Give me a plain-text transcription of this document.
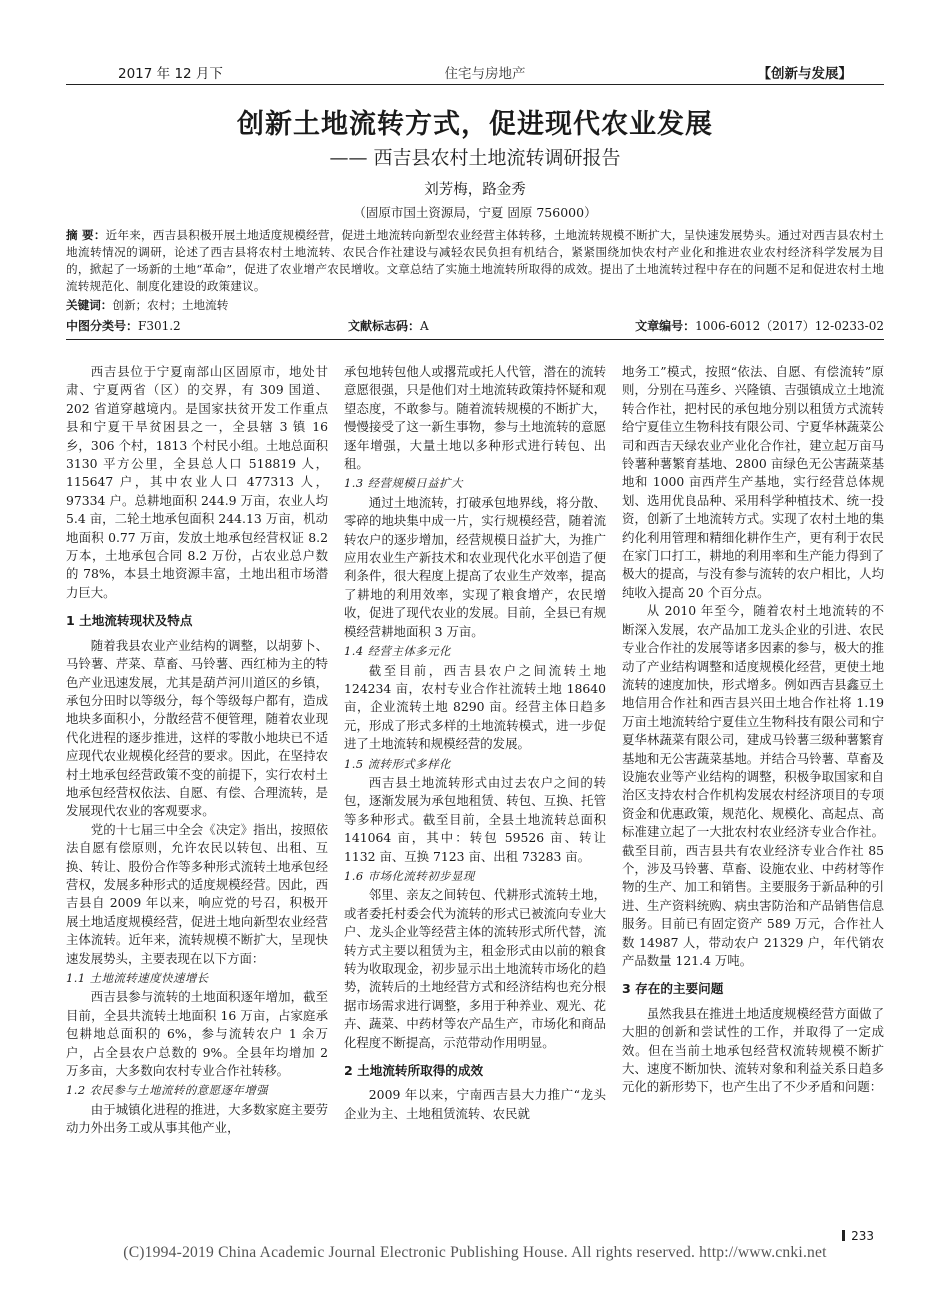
2017 年 12 月下	住宅与房地产	【创新与发展】
创新土地流转方式，促进现代农业发展
—— 西吉县农村土地流转调研报告
刘芳梅，路金秀
（固原市国土资源局，宁夏 固原 756000）
摘 要：近年来，西吉县积极开展土地适度规模经营，促进土地流转向新型农业经营主体转移，土地流转规模不断扩大，呈快速发展势头。通过对西吉县农村土地流转情况的调研，论述了西吉县将农村土地流转、农民合作社建设与减轻农民负担有机结合，紧紧围绕加快农村产业化和推进农业农村经济科学发展为目的，掀起了一场新的土地“革命”，促进了农业增产农民增收。文章总结了实施土地流转所取得的成效。提出了土地流转过程中存在的问题不足和促进农村土地流转规范化、制度化建设的政策建议。
关键词：创新；农村；土地流转
中图分类号：F301.2	文献标志码：A	文章编号：1006-6012（2017）12-0233-02

西吉县位于宁夏南部山区固原市，地处甘肃、宁夏两省（区）的交界，有 309 国道、202 省道穿越境内。是国家扶贫开发工作重点县和宁夏干旱贫困县之一，全县辖 3 镇 16 乡，306 个村，1813 个村民小组。土地总面积 3130 平方公里，全县总人口 518819 人，115647 户，其中农业人口 477313 人，97334 户。总耕地面积 244.9 万亩，农业人均 5.4 亩，二轮土地承包面积 244.13 万亩，机动地面积 0.77 万亩，发放土地承包经营权证 8.2 万本，土地承包合同 8.2 万份，占农业总户数的 78%，本县土地资源丰富，土地出租市场潜力巨大。

1 土地流转现状及特点

随着我县农业产业结构的调整，以胡萝卜、马铃薯、芹菜、草畜、马铃薯、西红柿为主的特色产业迅速发展，尤其是葫芦河川道区的乡镇，承包分田时以等级分，每个等级每户都有，造成地块多面积小，分散经营不便管理，随着农业现代化进程的逐步推进，这样的零散小地块已不适应现代农业规模化经营的要求。因此，在坚持农村土地承包经营政策不变的前提下，实行农村土地承包经营权依法、自愿、有偿、合理流转，是发展现代农业的客观要求。

党的十七届三中全会《决定》指出，按照依法自愿有偿原则，允许农民以转包、出租、互换、转让、股份合作等多种形式流转土地承包经营权，发展多种形式的适度规模经营。因此，西吉县自 2009 年以来，响应党的号召，积极开展土地适度规模经营，促进土地向新型农业经营主体流转。近年来，流转规模不断扩大，呈现快速发展势头，主要表现在以下方面：

1.1 土地流转速度快速增长

西吉县参与流转的土地面积逐年增加，截至目前，全县共流转土地面积 16 万亩，占家庭承包耕地总面积的 6%，参与流转农户 1 余万户，占全县农户总数的 9%。全县年均增加 2 万多亩，大多数向农村专业合作社转移。

1.2 农民参与土地流转的意愿逐年增强

由于城镇化进程的推进，大多数家庭主要劳动力外出务工或从事其他产业，

承包地转包他人或撂荒或托人代管，潜在的流转意愿很强，只是他们对土地流转政策持怀疑和观望态度，不敢参与。随着流转规模的不断扩大，慢慢接受了这一新生事物，参与土地流转的意愿逐年增强，大量土地以多种形式进行转包、出租。

1.3 经营规模日益扩大

通过土地流转，打破承包地界线，将分散、零碎的地块集中成一片，实行规模经营，随着流转农户的逐步增加，经营规模日益扩大，为推广应用农业生产新技术和农业现代化水平创造了便利条件，很大程度上提高了农业生产效率，提高了耕地的利用效率，实现了粮食增产，农民增收，促进了现代农业的发展。目前，全县已有规模经营耕地面积 3 万亩。

1.4 经营主体多元化

截至目前，西吉县农户之间流转土地 124234 亩，农村专业合作社流转土地 18640 亩，企业流转土地 8290 亩。经营主体日趋多元，形成了形式多样的土地流转模式，进一步促进了土地流转和规模经营的发展。

1.5 流转形式多样化

西吉县土地流转形式由过去农户之间的转包，逐渐发展为承包地租赁、转包、互换、托管等多种形式。截至目前，全县土地流转总面积 141064 亩，其中：转包 59526 亩、转让 1132 亩、互换 7123 亩、出租 73283 亩。

1.6 市场化流转初步显现

邻里、亲友之间转包、代耕形式流转土地，或者委托村委会代为流转的形式已被流向专业大户、龙头企业等经营主体的流转形式所代替，流转方式主要以租赁为主，租金形式由以前的粮食转为收取现金，初步显示出土地流转市场化的趋势，流转后的土地经营方式和经济结构也充分根据市场需求进行调整，多用于种养业、观光、花卉、蔬菜、中药材等农产品生产，市场化和商品化程度不断提高，示范带动作用明显。

2 土地流转所取得的成效

2009 年以来，宁南西吉县大力推广“龙头企业为主、土地租赁流转、农民就

地务工”模式，按照“依法、自愿、有偿流转”原则，分别在马莲乡、兴隆镇、吉强镇成立土地流转合作社，把村民的承包地分别以租赁方式流转给宁夏佳立生物科技有限公司、宁夏华林蔬菜公司和西吉天绿农业产业化合作社，建立起万亩马铃薯种薯繁育基地、2800 亩绿色无公害蔬菜基地和 1000 亩西芹生产基地，实行经营总体规划、选用优良品种、采用科学种植技术、统一投资，创新了土地流转方式。实现了农村土地的集约化利用管理和精细化耕作生产，更有利于农民在家门口打工，耕地的利用率和生产能力得到了极大的提高，与没有参与流转的农户相比，人均纯收入提高 20 个百分点。

从 2010 年至今，随着农村土地流转的不断深入发展，农产品加工龙头企业的引进、农民专业合作社的发展等诸多因素的参与，极大的推动了产业结构调整和适度规模化经营，更使土地流转的速度加快，形式增多。例如西吉县鑫豆土地信用合作社和西吉县兴田土地合作社将 1.19 万亩土地流转给宁夏佳立生物科技有限公司和宁夏华林蔬菜有限公司，建成马铃薯三级种薯繁育基地和无公害蔬菜基地。并结合马铃薯、草畜及设施农业等产业结构的调整，积极争取国家和自治区支持农村合作机构发展农村经济项目的专项资金和优惠政策，规范化、规模化、高起点、高标准建立起了一大批农村农业经济专业合作社。截至目前，西吉县共有农业经济专业合作社 85 个，涉及马铃薯、草畜、设施农业、中药材等作物的生产、加工和销售。主要服务于新品种的引进、生产资料统购、病虫害防治和产品销售信息服务。目前已有固定资产 589 万元，合作社人数 14987 人，带动农户 21329 户，年代销农产品数量 121.4 万吨。

3 存在的主要问题

虽然我县在推进土地适度规模经营方面做了大胆的创新和尝试性的工作，并取得了一定成效。但在当前土地承包经营权流转规模不断扩大、速度不断加快、流转对象和利益关系日趋多元化的新形势下，也产生出了不少矛盾和问题：

233
(C)1994-2019 China Academic Journal Electronic Publishing House. All rights reserved. http://www.cnki.net
